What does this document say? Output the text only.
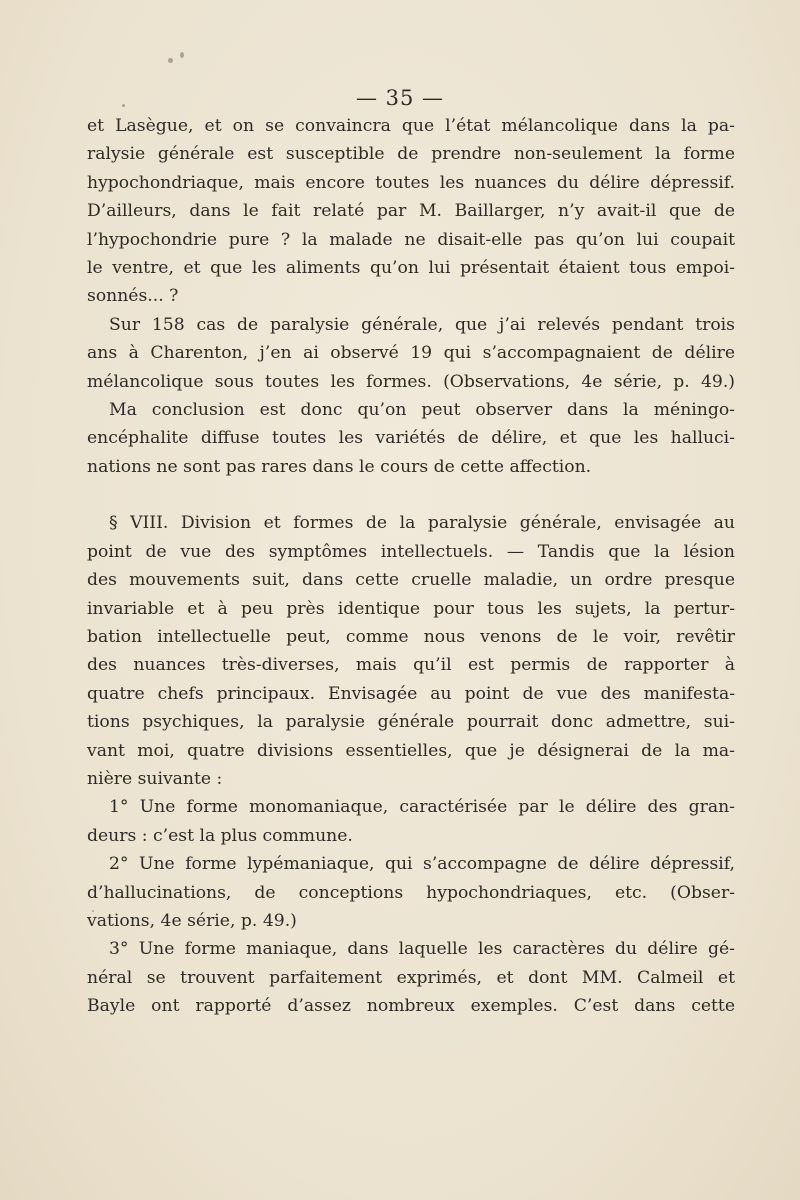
— 35 —
et Lasègue, et on se convaincra que l’état mélancolique dans la pa-
ralysie générale est susceptible de prendre non-seulement la forme
hypochondriaque, mais encore toutes les nuances du délire dépressif.
D’ailleurs, dans le fait relaté par M. Baillarger, n’y avait-il que de
l’hypochondrie pure ? la malade ne disait-elle pas qu’on lui coupait
le ventre, et que les aliments qu’on lui présentait étaient tous empoi-
sonnés... ?
Sur 158 cas de paralysie générale, que j’ai relevés pendant trois
ans à Charenton, j’en ai observé 19 qui s’accompagnaient de délire
mélancolique sous toutes les formes. (Observations, 4e série, p. 49.)
Ma conclusion est donc qu’on peut observer dans la méningo-
encéphalite diffuse toutes les variétés de délire, et que les halluci-
nations ne sont pas rares dans le cours de cette affection.
§ VIII. Division et formes de la paralysie générale, envisagée au
point de vue des symptômes intellectuels. — Tandis que la lésion
des mouvements suit, dans cette cruelle maladie, un ordre presque
invariable et à peu près identique pour tous les sujets, la pertur-
bation intellectuelle peut, comme nous venons de le voir, revêtir
des nuances très-diverses, mais qu’il est permis de rapporter à
quatre chefs principaux. Envisagée au point de vue des manifesta-
tions psychiques, la paralysie générale pourrait donc admettre, sui-
vant moi, quatre divisions essentielles, que je désignerai de la ma-
nière suivante :
1° Une forme monomaniaque, caractérisée par le délire des gran-
deurs : c’est la plus commune.
2° Une forme lypémaniaque, qui s’accompagne de délire dépressif,
d’hallucinations, de conceptions hypochondriaques, etc. (Obser-
vations, 4e série, p. 49.)
3° Une forme maniaque, dans laquelle les caractères du délire gé-
néral se trouvent parfaitement exprimés, et dont MM. Calmeil et
Bayle ont rapporté d’assez nombreux exemples. C’est dans cette
